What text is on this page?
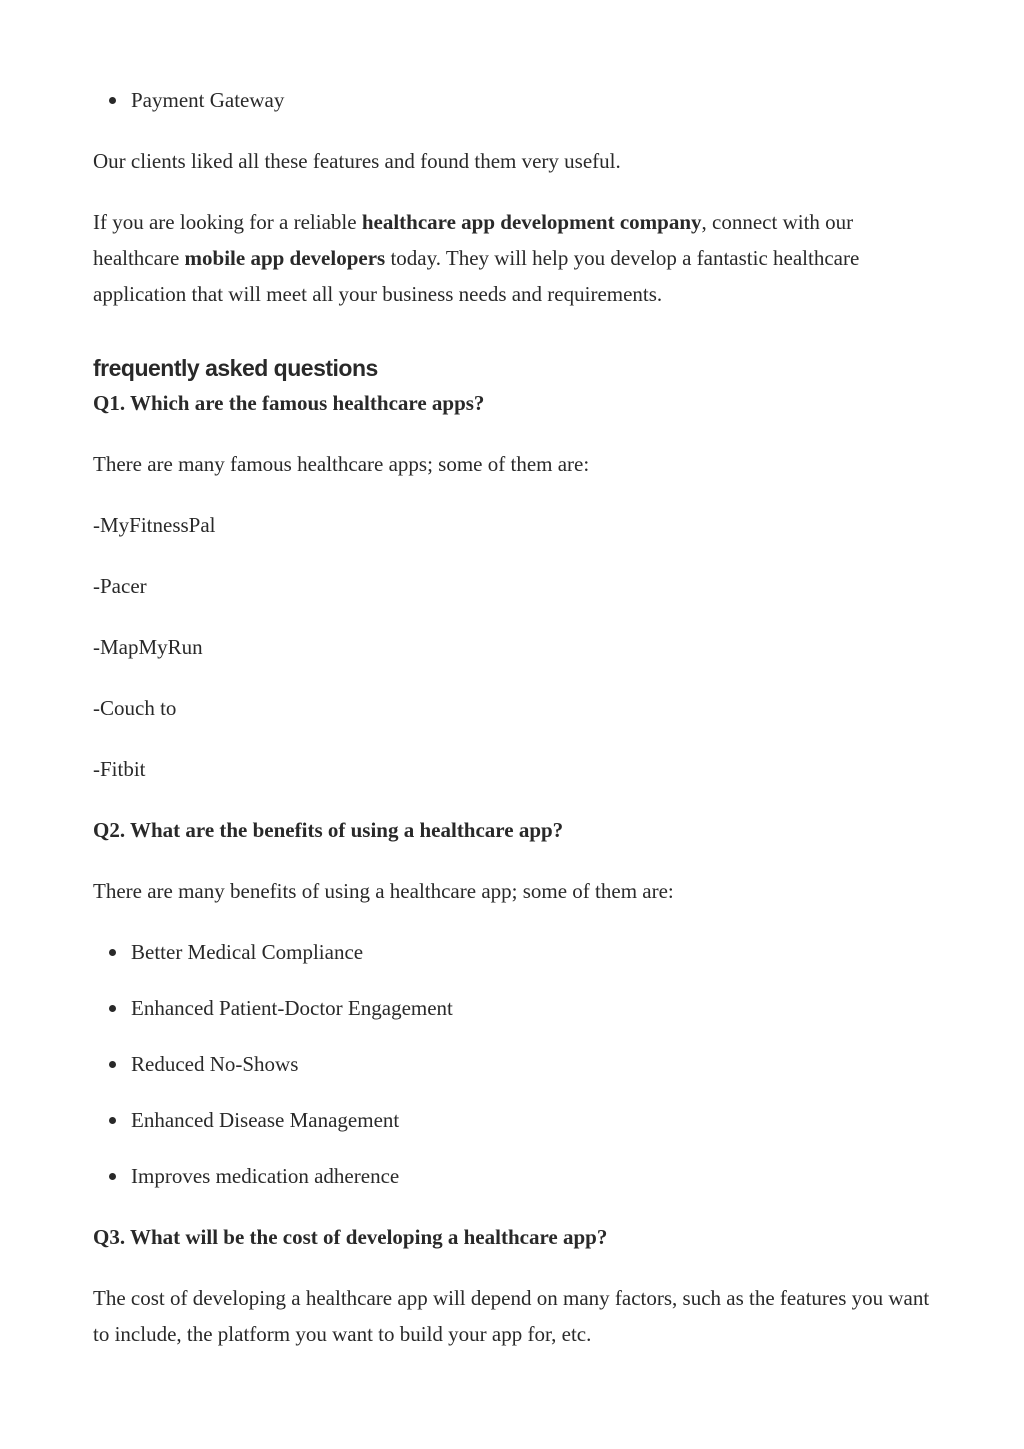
Payment Gateway

Our clients liked all these features and found them very useful.

If you are looking for a reliable healthcare app development company, connect with our healthcare mobile app developers today. They will help you develop a fantastic healthcare application that will meet all your business needs and requirements.

frequently asked questions

Q1. Which are the famous healthcare apps?

There are many famous healthcare apps; some of them are:

-MyFitnessPal

-Pacer

-MapMyRun

-Couch to

-Fitbit

Q2. What are the benefits of using a healthcare app?

There are many benefits of using a healthcare app; some of them are:

Better Medical Compliance
Enhanced Patient-Doctor Engagement
Reduced No-Shows
Enhanced Disease Management
Improves medication adherence

Q3. What will be the cost of developing a healthcare app?

The cost of developing a healthcare app will depend on many factors, such as the features you want to include, the platform you want to build your app for, etc.
